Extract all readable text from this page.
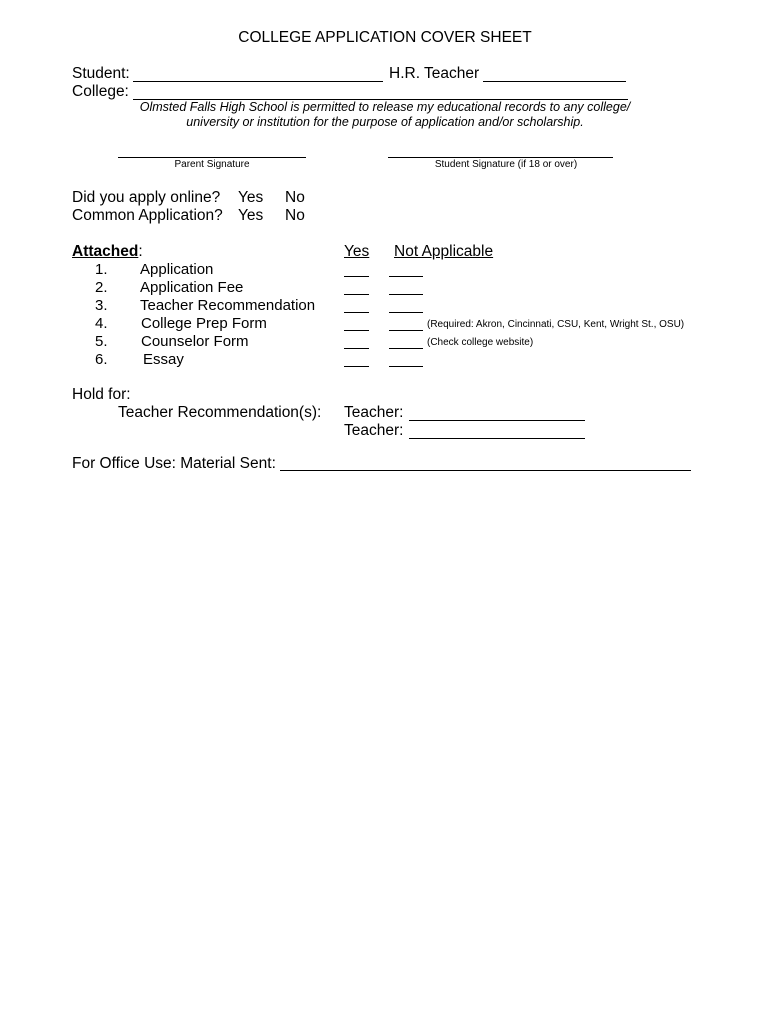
COLLEGE APPLICATION COVER SHEET
Student:	H.R. Teacher
College:
Olmsted Falls High School is permitted to release my educational records to any college/
university or institution for the purpose of application and/or scholarship.
Parent Signature	Student Signature (if 18 or over)
Did you apply online? Yes No
Common Application? Yes No
Attached:	Yes Not Applicable
1. Application
2. Application Fee
3. Teacher Recommendation
4. College Prep Form	(Required: Akron, Cincinnati, CSU, Kent, Wright St., OSU)
5. Counselor Form	(Check college website)
6. Essay
Hold for:
Teacher Recommendation(s): Teacher:
Teacher:
For Office Use: Material Sent:
